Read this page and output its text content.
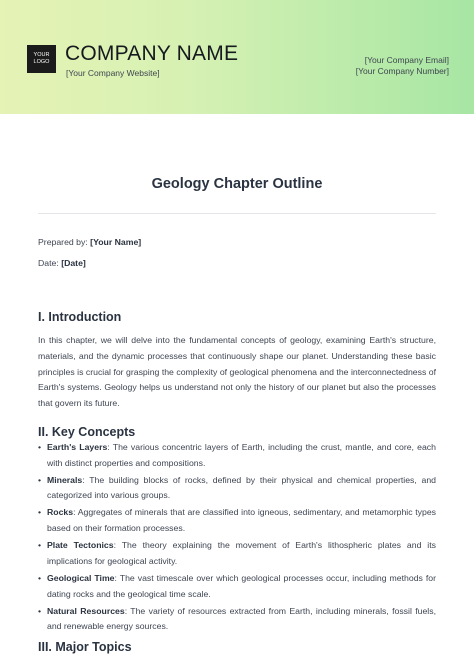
YOUR
LOGO COMPANY NAME
[Your Company Website]
[Your Company Email]
[Your Company Number]
Geology Chapter Outline
Prepared by: [Your Name]
Date: [Date]
I. Introduction
In this chapter, we will delve into the fundamental concepts of geology, examining Earth's structure, materials, and the dynamic processes that continuously shape our planet. Understanding these basic principles is crucial for grasping the complexity of geological phenomena and the interconnectedness of Earth's systems. Geology helps us understand not only the history of our planet but also the processes that govern its future.
II. Key Concepts
• Earth's Layers: The various concentric layers of Earth, including the crust, mantle, and core, each with distinct properties and compositions.
• Minerals: The building blocks of rocks, defined by their physical and chemical properties, and categorized into various groups.
• Rocks: Aggregates of minerals that are classified into igneous, sedimentary, and metamorphic types based on their formation processes.
• Plate Tectonics: The theory explaining the movement of Earth's lithospheric plates and its implications for geological activity.
• Geological Time: The vast timescale over which geological processes occur, including methods for dating rocks and the geological time scale.
• Natural Resources: The variety of resources extracted from Earth, including minerals, fossil fuels, and renewable energy sources.
III. Major Topics
